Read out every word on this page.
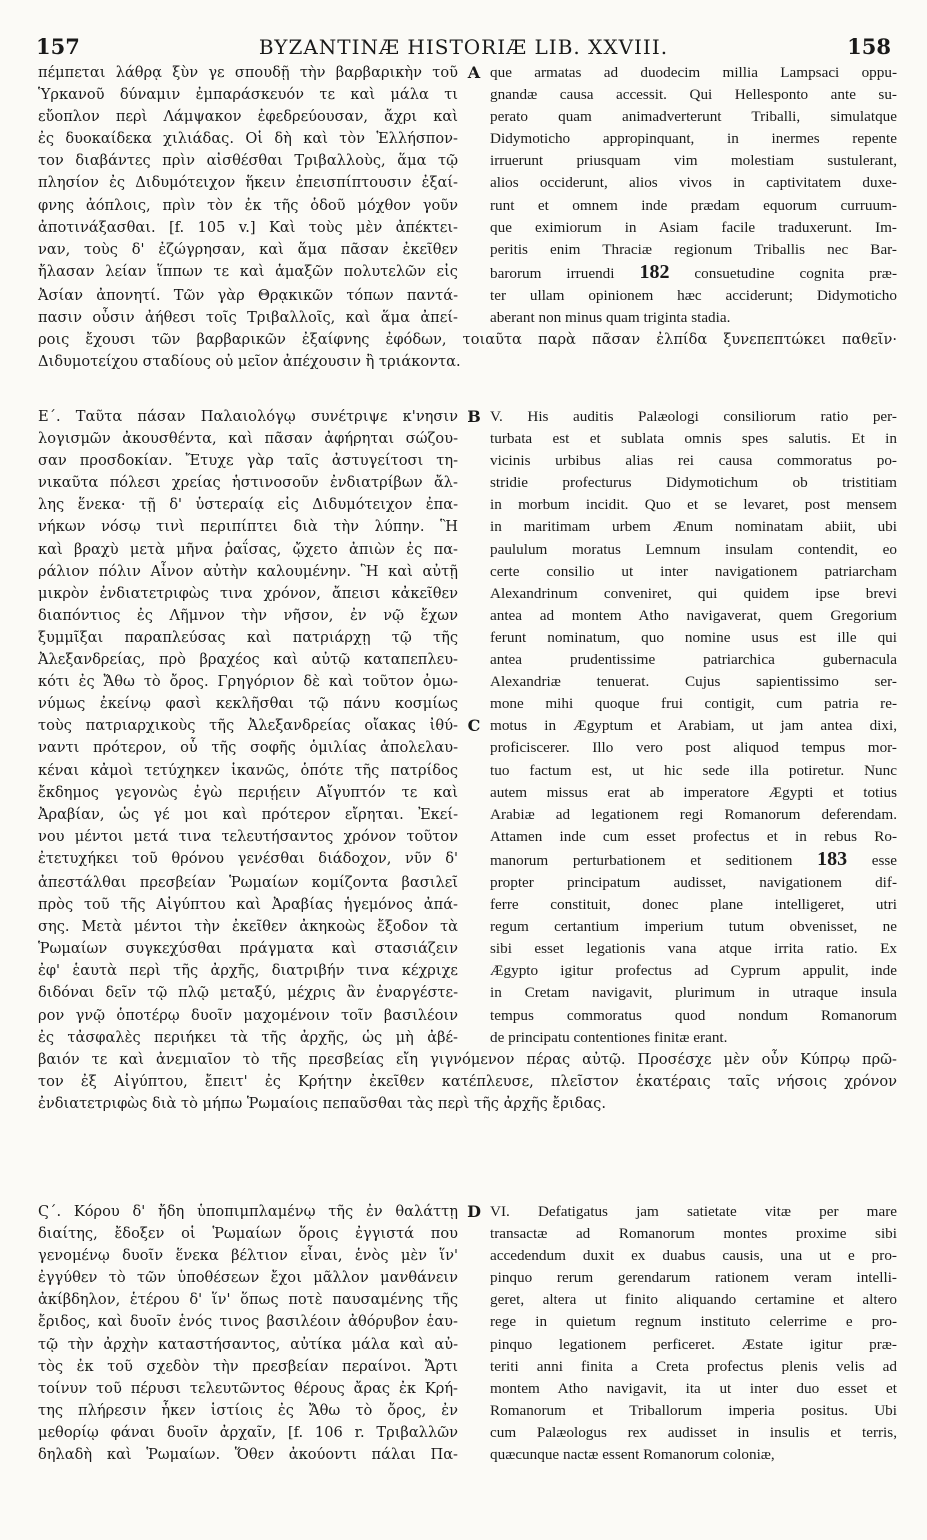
157	BYZANTINÆ HISTORIÆ LIB. XXVIII.	158
πέμπεται λάθρᾳ ξὺν γε σπουδῇ τὴν βαρβαρικὴν τοῦ A que armatas ad duodecim millia Lampsaci oppu-
Ὑρκανοῦ δύναμιν ἐμπαράσκευόν τε καὶ μάλα τι gnandæ causa accessit. Qui Hellesponto ante su-
εὔοπλον περὶ Λάμψακον ἐφεδρεύουσαν, ἄχρι καὶ perato quam animadverterunt Triballi, simulatque
ἐς δυοκαίδεκα χιλιάδας. Οἱ δὴ καὶ τὸν Ἑλλήσπον- Didymoticho appropinquant, in inermes repente
τον διαβάντες πρὶν αἰσθέσθαι Τριβαλλοὺς, ἅμα τῷ irruerunt priusquam vim molestiam sustulerant,
πλησίον ἐς Διδυμότειχον ἥκειν ἐπεισπίπτουσιν ἐξαί- alios occiderunt, alios vivos in captivitatem duxe-
φνης ἀόπλοις, πρὶν τὸν ἐκ τῆς ὁδοῦ μόχθον γοῦν runt et omnem inde prædam equorum curruum-
ἀποτινάξασθαι. [f. 105 v.] Καὶ τοὺς μὲν ἀπέκτει- que eximiorum in Asiam facile traduxerunt. Im-
ναν, τοὺς δ' ἐζώγρησαν, καὶ ἅμα πᾶσαν ἐκεῖθεν peritis enim Thraciæ regionum Triballis nec Bar-
ἤλασαν λείαν ἵππων τε καὶ ἁμαξῶν πολυτελῶν εἰς barorum irruendi 182 consuetudine cognita præ-
Ἀσίαν ἀπονητί. Τῶν γὰρ Θρᾳκικῶν τόπων παντά- ter ullam opinionem hæc acciderunt; Didymoticho
πασιν οὖσιν ἀήθεσι τοῖς Τριβαλλοῖς, καὶ ἅμα ἀπεί- aberant non minus quam triginta stadia.
ροις ἔχουσι τῶν βαρβαρικῶν ἐξαίφνης ἐφόδων, τοιαῦτα παρὰ πᾶσαν ἐλπίδα ξυνεπεπτώκει παθεῖν·
Διδυμοτείχου σταδίους οὐ μεῖον ἀπέχουσιν ἢ τριάκοντα.
Ε΄. Ταῦτα πάσαν Παλαιολόγῳ συνέτριψε κ'νησιν B V. His auditis Palæologi consiliorum ratio per-
λογισμῶν ἀκουσθέντα, καὶ πᾶσαν ἀφήρηται σώζου- turbata est et sublata omnis spes salutis. Et in
σαν προσδοκίαν. Ἔτυχε γὰρ ταῖς ἀστυγείτοσι τη- vicinis urbibus alias rei causa commoratus po-
νικαῦτα πόλεσι χρείας ἡστινοσοῦν ἐνδιατρίβων ἄλ- stridie profecturus Didymotichum ob tristitiam
λης ἕνεκα· τῇ δ' ὑστεραίᾳ εἰς Διδυμότειχον ἐπα- in morbum incidit. Quo et se levaret, post mensem
νήκων νόσῳ τινὶ περιπίπτει διὰ τὴν λύπην. Ἣ in maritimam urbem Ænum nominatam abiit, ubi
καὶ βραχὺ μετὰ μῆνα ῥαΐσας, ᾤχετο ἀπιὼν ἐς πα- paululum moratus Lemnum insulam contendit, eo
ράλιον πόλιν Αἶνον αὐτὴν καλουμένην. Ἣ καὶ αὐτῇ certe consilio ut inter navigationem patriarcham
μικρὸν ἐνδιατετριφὼς τινα χρόνον, ἄπεισι κἀκεῖθεν Alexandrinum conveniret, qui quidem ipse brevi
διαπόντιος ἐς Λῆμνον τὴν νῆσον, ἐν νῷ ἔχων antea ad montem Atho navigaverat, quem Gregorium
ξυμμῖξαι παραπλεύσας καὶ πατριάρχῃ τῷ τῆς ferunt nominatum, quo nomine usus est ille qui
Ἀλεξανδρείας, πρὸ βραχέος καὶ αὐτῷ καταπεπλευ- antea prudentissime patriarchica gubernacula
κότι ἐς Ἄθω τὸ ὄρος. Γρηγόριον δὲ καὶ τοῦτον ὀμω- Alexandriæ tenuerat. Cujus sapientissimo ser-
νύμως ἐκείνῳ φασὶ κεκλῆσθαι τῷ πάνυ κοσμίως mone mihi quoque frui contigit, cum patria re-
τοὺς πατριαρχικοὺς τῆς Ἀλεξανδρείας οἴακας ἰθύ- C motus in Ægyptum et Arabiam, ut jam antea dixi,
ναντι πρότερον, οὗ τῆς σοφῆς ὁμιλίας ἀπολελαυ- proficiscerer. Illo vero post aliquod tempus mor-
κέναι κἀμοὶ τετύχηκεν ἱκανῶς, ὁπότε τῆς πατρίδος tuo factum est, ut hic sede illa potiretur. Nunc
ἔκδημος γεγονὼς ἐγὼ περιῄειν Αἴγυπτόν τε καὶ autem missus erat ab imperatore Ægypti et totius
Ἀραβίαν, ὡς γέ μοι καὶ πρότερον εἴρηται. Ἐκεί- Arabiæ ad legationem regi Romanorum deferendam.
νου μέντοι μετά τινα τελευτήσαντος χρόνον τοῦτον Attamen inde cum esset profectus et in rebus Ro-
ἐτετυχήκει τοῦ θρόνου γενέσθαι διάδοχον, νῦν δ' manorum perturbationem et seditionem 183 esse
ἀπεστάλθαι πρεσβείαν Ῥωμαίων κομίζοντα βασιλεῖ propter principatum audisset, navigationem dif-
πρὸς τοῦ τῆς Αἰγύπτου καὶ Ἀραβίας ἡγεμόνος ἀπά- ferre constituit, donec plane intelligeret, utri
σης. Μετὰ μέντοι τὴν ἐκεῖθεν ἀκηκοὼς ἔξοδον τὰ regum certantium imperium tutum obvenisset, ne
Ῥωμαίων συγκεχύσθαι πράγματα καὶ στασιάζειν sibi esset legationis vana atque irrita ratio. Ex
ἐφ' ἑαυτὰ περὶ τῆς ἀρχῆς, διατριβήν τινα κέχριχε Ægypto igitur profectus ad Cyprum appulit, inde
διδόναι δεῖν τῷ πλῷ μεταξύ, μέχρις ἂν ἐναργέστε- in Cretam navigavit, plurimum in utraque insula
ρον γνῷ ὁποτέρῳ δυοῖν μαχομένοιν τοῖν βασιλέοιν tempus commoratus quod nondum Romanorum
ἐς τἀσφαλὲς περιήκει τὰ τῆς ἀρχῆς, ὡς μὴ ἀβέ- de principatu contentiones finitæ erant.
βαιόν τε καὶ ἀνεμιαῖον τὸ τῆς πρεσβείας εἴη γιγνόμενον πέρας αὐτῷ. Προσέσχε μὲν οὖν Κύπρῳ πρῶ-
τον ἐξ Αἰγύπτου, ἔπειτ' ἐς Κρήτην ἐκεῖθεν κατέπλευσε, πλεῖστον ἑκατέραις ταῖς νήσοις χρόνον
ἐνδιατετριφὼς διὰ τὸ μήπω Ῥωμαίοις πεπαῦσθαι τὰς περὶ τῆς ἀρχῆς ἔριδας.
Ϛ΄. Κόρου δ' ἤδη ὑποπιμπλαμένῳ τῆς ἐν θαλάττῃ D VI. Defatigatus jam satietate vitæ per mare
διαίτης, ἔδοξεν οἱ Ῥωμαίων ὅροις ἐγγιστά που transactæ ad Romanorum montes proxime sibi
γενομένῳ δυοῖν ἕνεκα βέλτιον εἶναι, ἑνὸς μὲν ἵν' accedendum duxit ex duabus causis, una ut e pro-
ἐγγύθεν τὸ τῶν ὑποθέσεων ἔχοι μᾶλλον μανθάνειν pinquo rerum gerendarum rationem veram intelli-
ἀκίβδηλον, ἑτέρου δ' ἵν' ὅπως ποτὲ παυσαμένης τῆς geret, altera ut finito aliquando certamine et altero
ἔριδος, καὶ δυοῖν ἑνός τινος βασιλέοιν ἀθόρυβον ἑαυ- rege in quietum regnum instituto celerrime e pro-
τῷ τὴν ἀρχὴν καταστήσαντος, αὐτίκα μάλα καὶ αὐ- pinquo legationem perficeret. Æstate igitur præ-
τὸς ἐκ τοῦ σχεδὸν τὴν πρεσβείαν περαίνοι. Ἄρτι teriti anni finita a Creta profectus plenis velis ad
τοίνυν τοῦ πέρυσι τελευτῶντος θέρους ἄρας ἐκ Κρή- montem Atho navigavit, ita ut inter duo esset et
της πλήρεσιν ἧκεν ἱστίοις ἐς Ἄθω τὸ ὄρος, ἐν Romanorum et Triballorum imperia positus. Ubi
μεθορίῳ φάναι δυοῖν ἀρχαῖν, [f. 106 r. Τριβαλλῶν cum Palæologus rex audisset in insulis et terris,
δηλαδὴ καὶ Ῥωμαίων. Ὅθεν ἀκούοντι πάλαι Πα- quæcunque nactæ essent Romanorum coloniæ,
